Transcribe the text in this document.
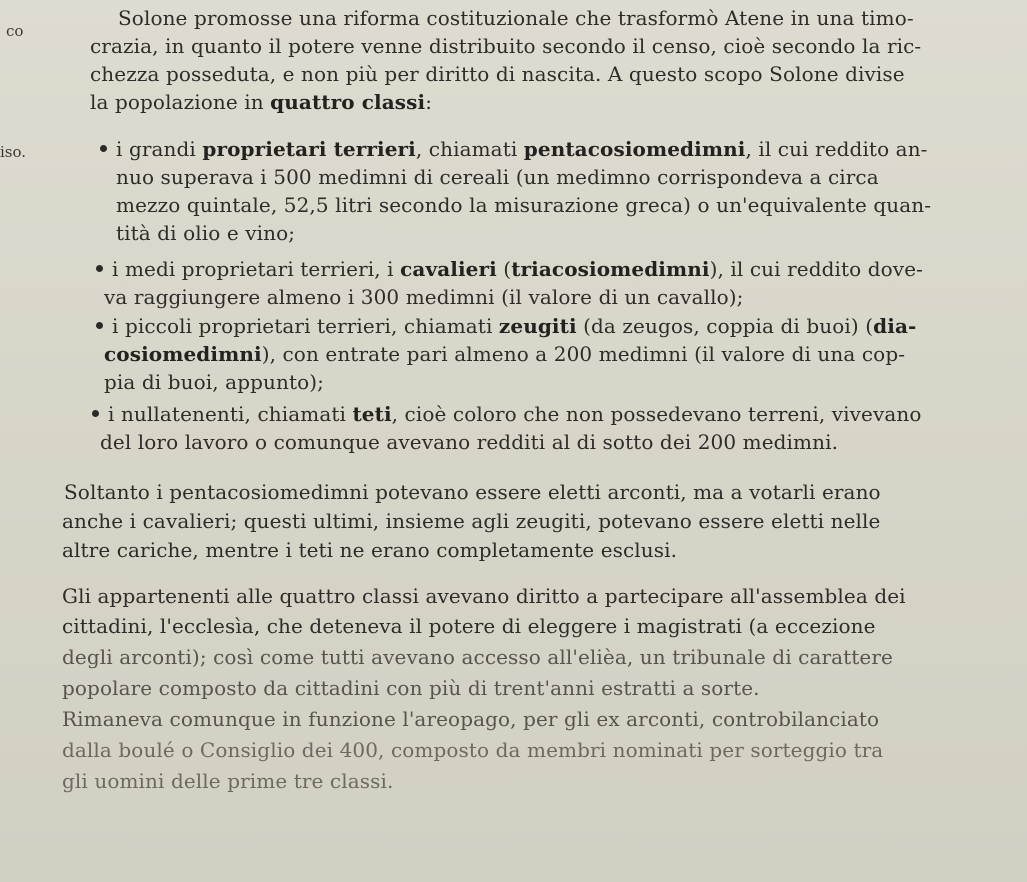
co
iso.
Solone promosse una riforma costituzionale che trasformò Atene in una timo-
crazia, in quanto il potere venne distribuito secondo il censo, cioè secondo la ric-
chezza posseduta, e non più per diritto di nascita. A questo scopo Solone divise
la popolazione in quattro classi:
i grandi proprietari terrieri, chiamati pentacosiomedimni, il cui reddito an-
nuo superava i 500 medimni di cereali (un medimno corrispondeva a circa
mezzo quintale, 52,5 litri secondo la misurazione greca) o un'equivalente quan-
tità di olio e vino;
i medi proprietari terrieri, i cavalieri (triacosiomedimni), il cui reddito dove-
va raggiungere almeno i 300 medimni (il valore di un cavallo);
i piccoli proprietari terrieri, chiamati zeugiti (da zeugos, coppia di buoi) (dia-
cosiomedimni), con entrate pari almeno a 200 medimni (il valore di una cop-
pia di buoi, appunto);
i nullatenenti, chiamati teti, cioè coloro che non possedevano terreni, vivevano
del loro lavoro o comunque avevano redditi al di sotto dei 200 medimni.
Soltanto i pentacosiomedimni potevano essere eletti arconti, ma a votarli erano
anche i cavalieri; questi ultimi, insieme agli zeugiti, potevano essere eletti nelle
altre cariche, mentre i teti ne erano completamente esclusi.
Gli appartenenti alle quattro classi avevano diritto a partecipare all'assemblea dei
cittadini, l'ecclesìa, che deteneva il potere di eleggere i magistrati (a eccezione
degli arconti); così come tutti avevano accesso all'elièa, un tribunale di carattere
popolare composto da cittadini con più di trent'anni estratti a sorte.
Rimaneva comunque in funzione l'areopago, per gli ex arconti, controbilanciato
dalla boulé o Consiglio dei 400, composto da membri nominati per sorteggio tra
gli uomini delle prime tre classi.
